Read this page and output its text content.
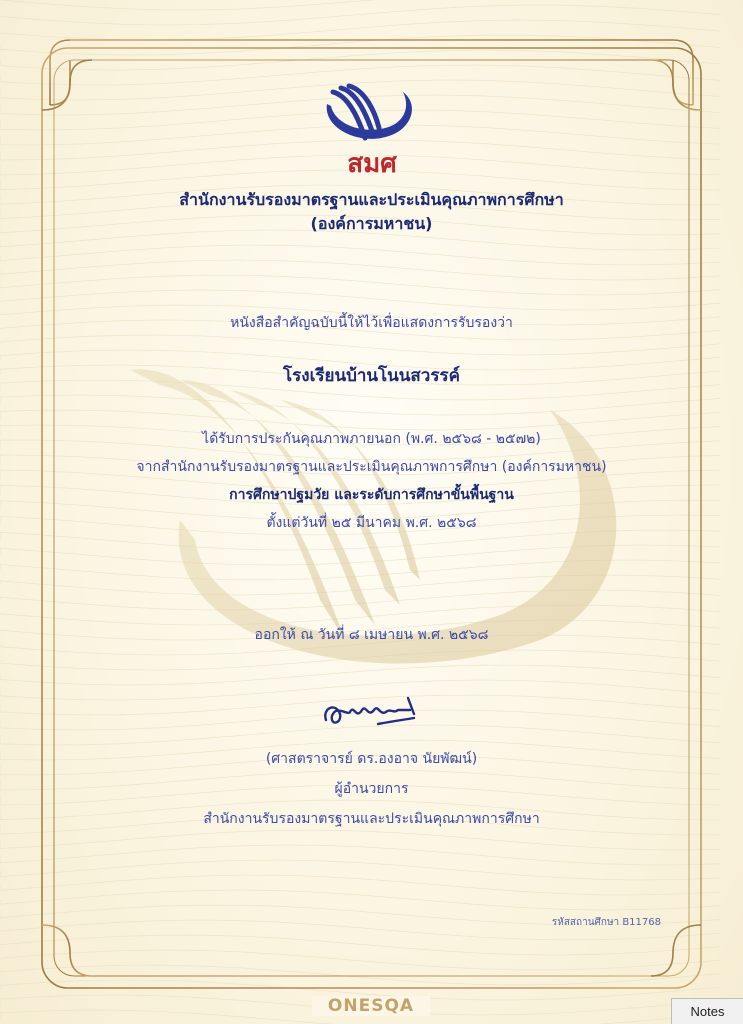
สมศ
สำนักงานรับรองมาตรฐานและประเมินคุณภาพการศึกษา
(องค์การมหาชน)
หนังสือสำคัญฉบับนี้ให้ไว้เพื่อแสดงการรับรองว่า
โรงเรียนบ้านโนนสวรรค์
ได้รับการประกันคุณภาพภายนอก (พ.ศ. ๒๕๖๘ - ๒๕๗๒)
จากสำนักงานรับรองมาตรฐานและประเมินคุณภาพการศึกษา (องค์การมหาชน)
การศึกษาปฐมวัย และระดับการศึกษาขั้นพื้นฐาน
ตั้งแต่วันที่ ๒๕ มีนาคม พ.ศ. ๒๕๖๘
ออกให้ ณ วันที่ ๘ เมษายน พ.ศ. ๒๕๖๘
(ศาสตราจารย์ ดร.องอาจ นัยพัฒน์)
ผู้อำนวยการ
สำนักงานรับรองมาตรฐานและประเมินคุณภาพการศึกษา
รหัสสถานศึกษา B11768
ONESQA	Notes
